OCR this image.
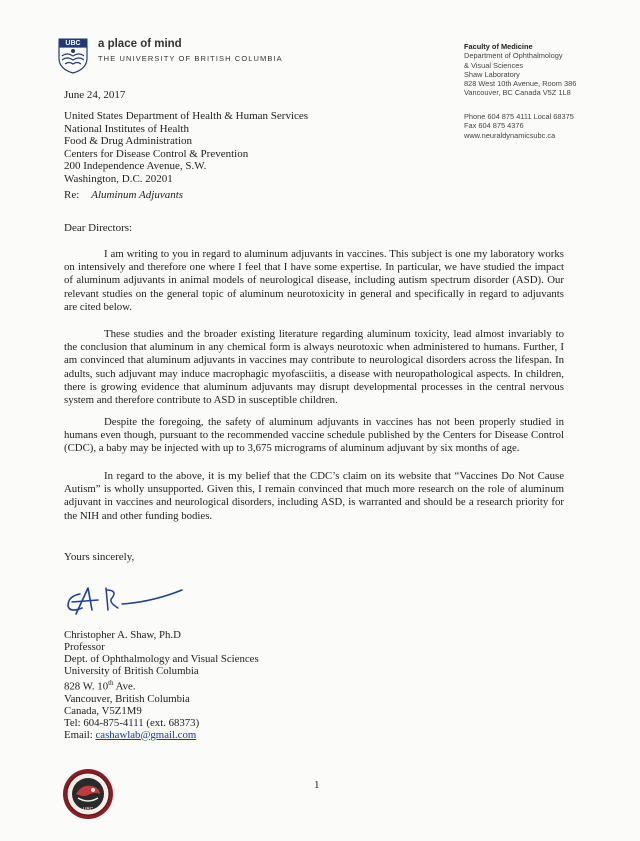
UBC a place of mind
THE UNIVERSITY OF BRITISH COLUMBIA
Faculty of Medicine
Department of Ophthalmology
& Visual Sciences
Shaw Laboratory
828 West 10th Avenue, Room 386
Vancouver, BC Canada V5Z 1L8
Phone 604 875 4111 Local 68375
Fax 604 875 4376
www.neuraldynamicsubc.ca
June 24, 2017
United States Department of Health & Human Services
National Institutes of Health
Food & Drug Administration
Centers for Disease Control & Prevention
200 Independence Avenue, S.W.
Washington, D.C. 20201
Re: Aluminum Adjuvants
Dear Directors:
I am writing to you in regard to aluminum adjuvants in vaccines. This subject is one my laboratory works on intensively and therefore one where I feel that I have some expertise. In particular, we have studied the impact of aluminum adjuvants in animal models of neurological disease, including autism spectrum disorder (ASD). Our relevant studies on the general topic of aluminum neurotoxicity in general and specifically in regard to adjuvants are cited below.
These studies and the broader existing literature regarding aluminum toxicity, lead almost invariably to the conclusion that aluminum in any chemical form is always neurotoxic when administered to humans. Further, I am convinced that aluminum adjuvants in vaccines may contribute to neurological disorders across the lifespan. In adults, such adjuvant may induce macrophagic myofasciitis, a disease with neuropathological aspects. In children, there is growing evidence that aluminum adjuvants may disrupt developmental processes in the central nervous system and therefore contribute to ASD in susceptible children.
Despite the foregoing, the safety of aluminum adjuvants in vaccines has not been properly studied in humans even though, pursuant to the recommended vaccine schedule published by the Centers for Disease Control (CDC), a baby may be injected with up to 3,675 micrograms of aluminum adjuvant by six months of age.
In regard to the above, it is my belief that the CDC’s claim on its website that “Vaccines Do Not Cause Autism” is wholly unsupported. Given this, I remain convinced that much more research on the role of aluminum adjuvant in vaccines and neurological disorders, including ASD, is warranted and should be a research priority for the NIH and other funding bodies.
Yours sincerely,
Christopher A. Shaw, Ph.D
Professor
Dept. of Ophthalmology and Visual Sciences
University of British Columbia
828 W. 10th Ave.
Vancouver, British Columbia
Canada, V5Z1M9
Tel: 604-875-4111 (ext. 68373)
Email: cashawlab@gmail.com
1
UBC
